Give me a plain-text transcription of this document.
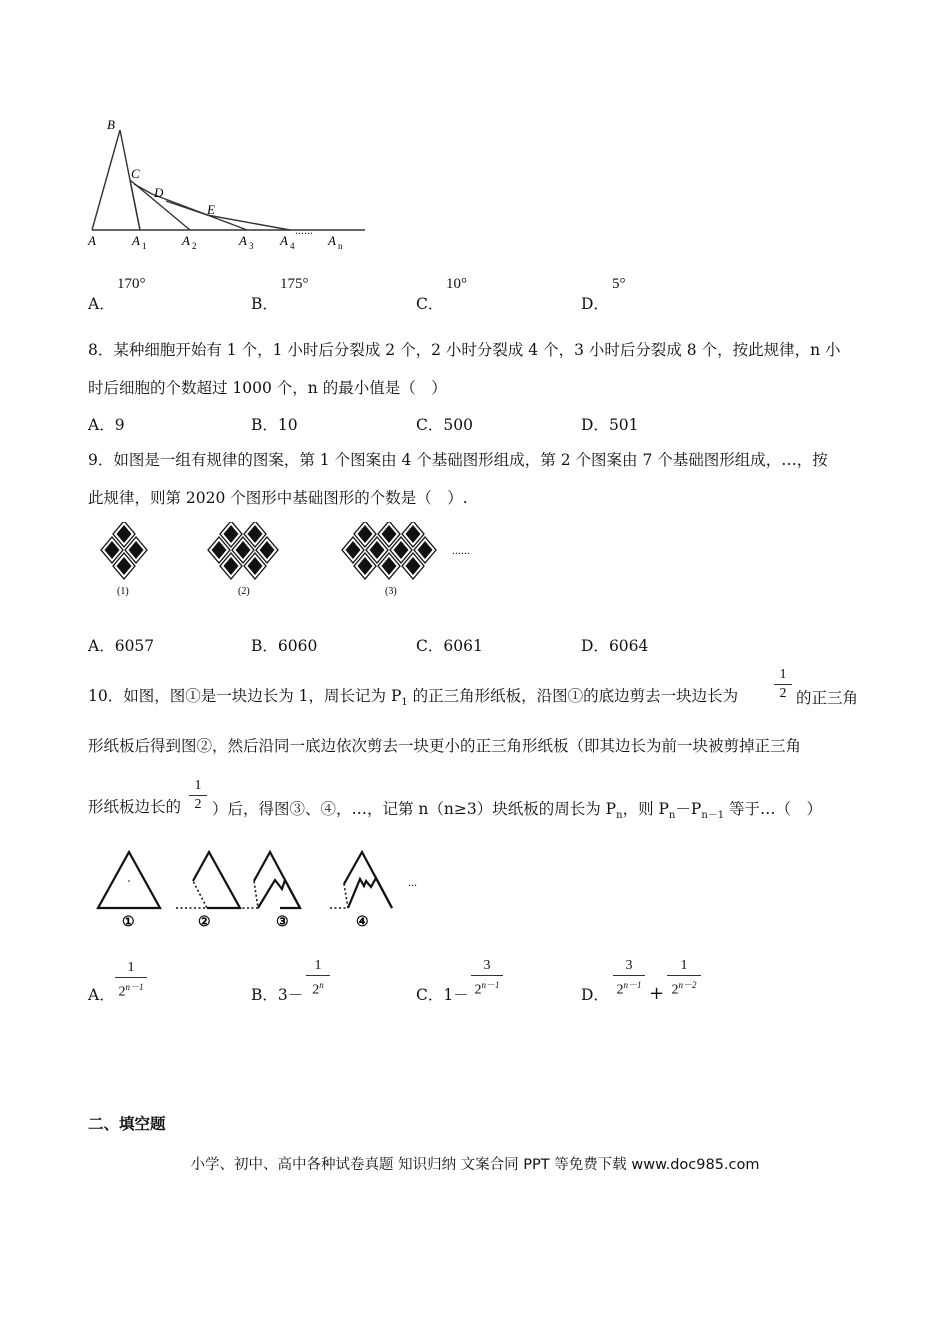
B
C
D
E
A	A 1	A 2	A 3 A 4
......
A n
A．
170°
B．
175°
C．
10°
D．
5°
8．某种细胞开始有 1 个，1 小时后分裂成 2 个，2 小时分裂成 4 个，3 小时后分裂成 8 个，按此规律，n 小
时后细胞的个数超过 1000 个，n 的最小值是（　）
A．9	B．10	C．500	D．501
9．如图是一组有规律的图案，第 1 个图案由 4 个基础图形组成，第 2 个图案由 7 个基础图形组成，…，按
此规律，则第 2020 个图形中基础图形的个数是（　）.
......
(1)	(2)	(3)
A．6057	B．6060	C．6061	D．6064
10．如图，图①是一块边长为 1，周长记为 $P_1$ 的正三角形纸板，沿图①的底边剪去一块边长为
1
2 的正三角
形纸板后得到图②，然后沿同一底边依次剪去一块更小的正三角形纸板（即其边长为前一块被剪掉正三角
形纸板边长的
1
2 ）后，得图③、④，…，记第 n（n≥3）块纸板的周长为 $P_n$，则 $P_n-P_{n-1}$ 等于…（　）
...
①	②	③	④
A．
1
$2^{n-1}$	B．3－
1
2$^n$
C．1－
3
$2^{n-1}$
D．
3
$2^{n-1}$ +
1
$2^{n-2}$
二、填空题
小学、初中、高中各种试卷真题 知识归纳 文案合同 PPT 等免费下载 www.doc985.com
